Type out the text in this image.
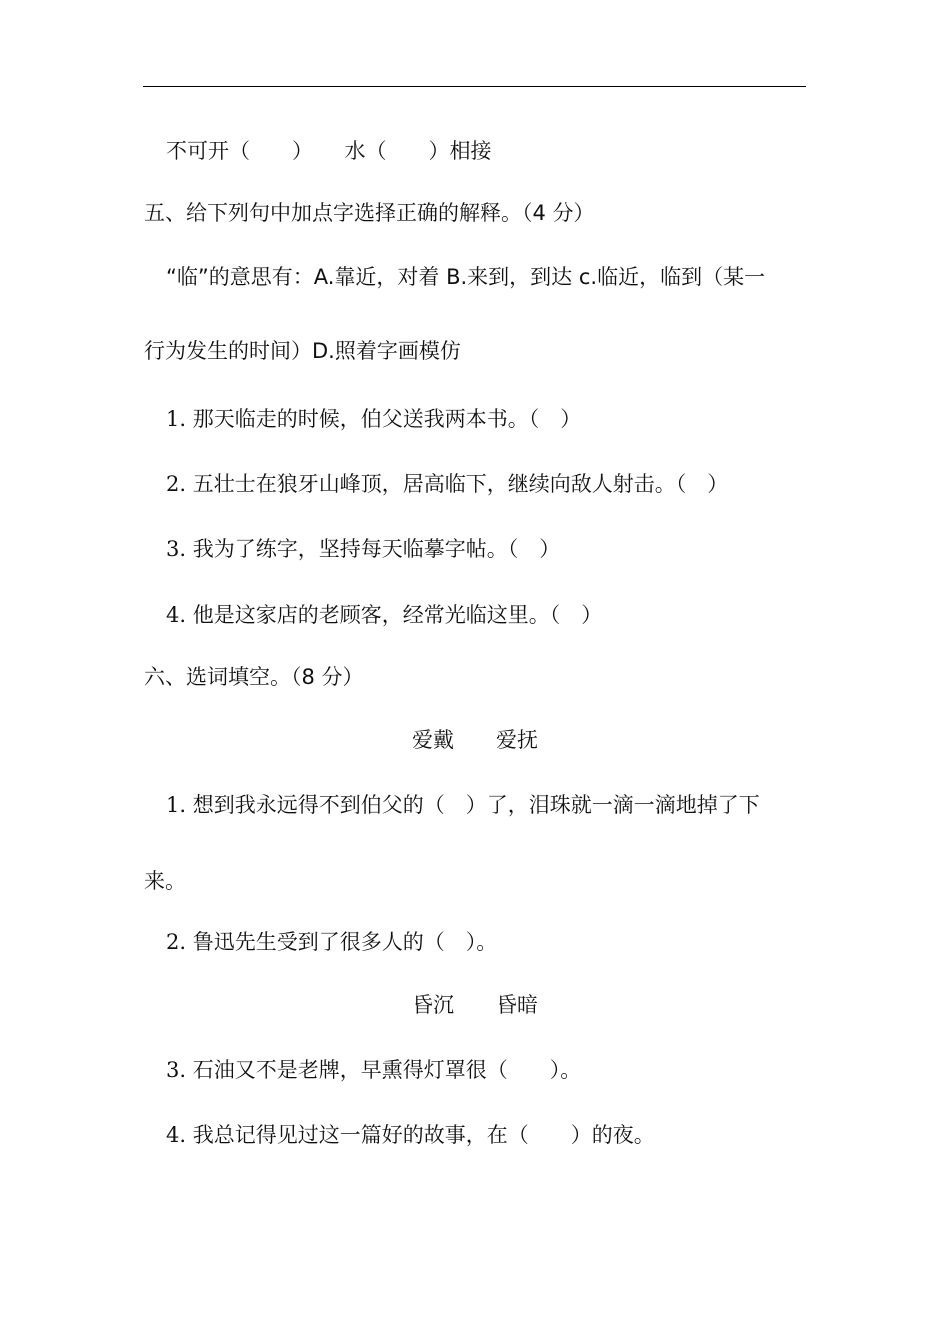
不可开（　　）　　水（　　）相接
五、给下列句中加点字选择正确的解释。（4 分）
“临”的意思有：A.靠近，对着 B.来到，到达 c.临近，临到（某一
行为发生的时间）D.照着字画模仿
1. 那天临走的时候，伯父送我两本书。（　）
2. 五壮士在狼牙山峰顶，居高临下，继续向敌人射击。（　）
3. 我为了练字，坚持每天临摹字帖。（　）
4. 他是这家店的老顾客，经常光临这里。（　）
六、选词填空。（8 分）
爱戴　　爱抚
1. 想到我永远得不到伯父的（　）了，泪珠就一滴一滴地掉了下
来。
2. 鲁迅先生受到了很多人的（　）。
昏沉　　昏暗
3. 石油又不是老牌，早熏得灯罩很（　　）。
4. 我总记得见过这一篇好的故事，在（　　）的夜。
